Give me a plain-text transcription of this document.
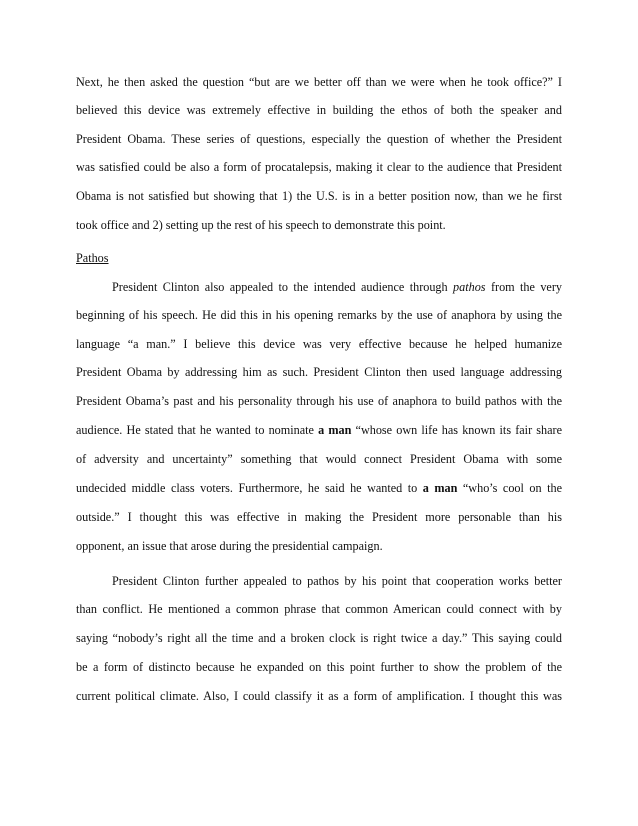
Next, he then asked the question “but are we better off than we were when he took office?” I
believed this device was extremely effective in building the ethos of both the speaker and
President Obama. These series of questions, especially the question of whether the President
was satisfied could be also a form of procatalepsis, making it clear to the audience that President
Obama is not satisfied but showing that 1) the U.S. is in a better position now, than we he first
took office and 2) setting up the rest of his speech to demonstrate this point.
Pathos
President Clinton also appealed to the intended audience through pathos from the very
beginning of his speech. He did this in his opening remarks by the use of anaphora by using the
language “a man.” I believe this device was very effective because he helped humanize
President Obama by addressing him as such. President Clinton then used language addressing
President Obama’s past and his personality through his use of anaphora to build pathos with the
audience. He stated that he wanted to nominate a man “whose own life has known its fair share
of adversity and uncertainty” something that would connect President Obama with some
undecided middle class voters. Furthermore, he said he wanted to a man “who’s cool on the
outside.” I thought this was effective in making the President more personable than his
opponent, an issue that arose during the presidential campaign.
President Clinton further appealed to pathos by his point that cooperation works better
than conflict. He mentioned a common phrase that common American could connect with by
saying “nobody’s right all the time and a broken clock is right twice a day.” This saying could
be a form of distincto because he expanded on this point further to show the problem of the
current political climate. Also, I could classify it as a form of amplification. I thought this was
